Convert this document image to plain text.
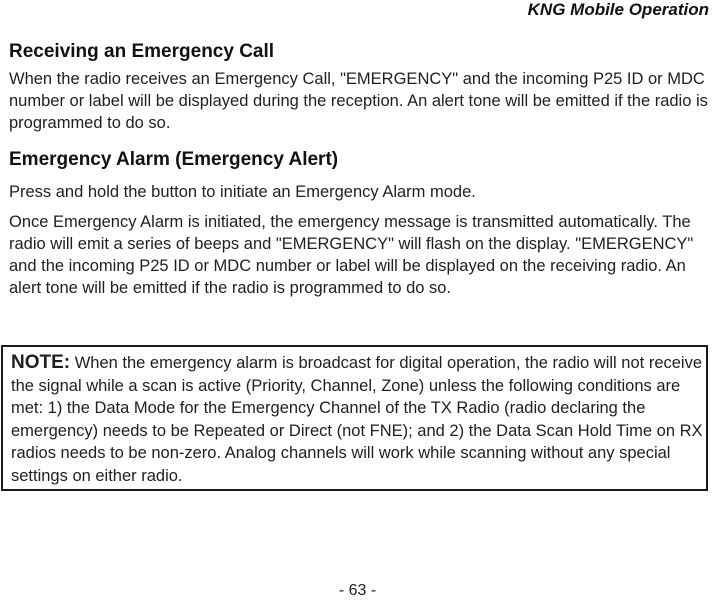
KNG Mobile Operation
Receiving an Emergency Call

When the radio receives an Emergency Call, "EMERGENCY" and the incoming P25 ID or MDC number or label will be displayed during the reception. An alert tone will be emitted if the radio is programmed to do so.

Emergency Alarm (Emergency Alert)

Press and hold the button to initiate an Emergency Alarm mode.

Once Emergency Alarm is initiated, the emergency message is transmitted automatically. The radio will emit a series of beeps and "EMERGENCY" will flash on the display. "EMERGENCY" and the incoming P25 ID or MDC number or label will be displayed on the receiving radio. An alert tone will be emitted if the radio is programmed to do so.

NOTE: When the emergency alarm is broadcast for digital operation, the radio will not receive the signal while a scan is active (Priority, Channel, Zone) unless the following conditions are met: 1) the Data Mode for the Emergency Channel of the TX Radio (radio declaring the emergency) needs to be Repeated or Direct (not FNE); and 2) the Data Scan Hold Time on RX radios needs to be non-zero. Analog channels will work while scanning without any special settings on either radio.

- 63 -
